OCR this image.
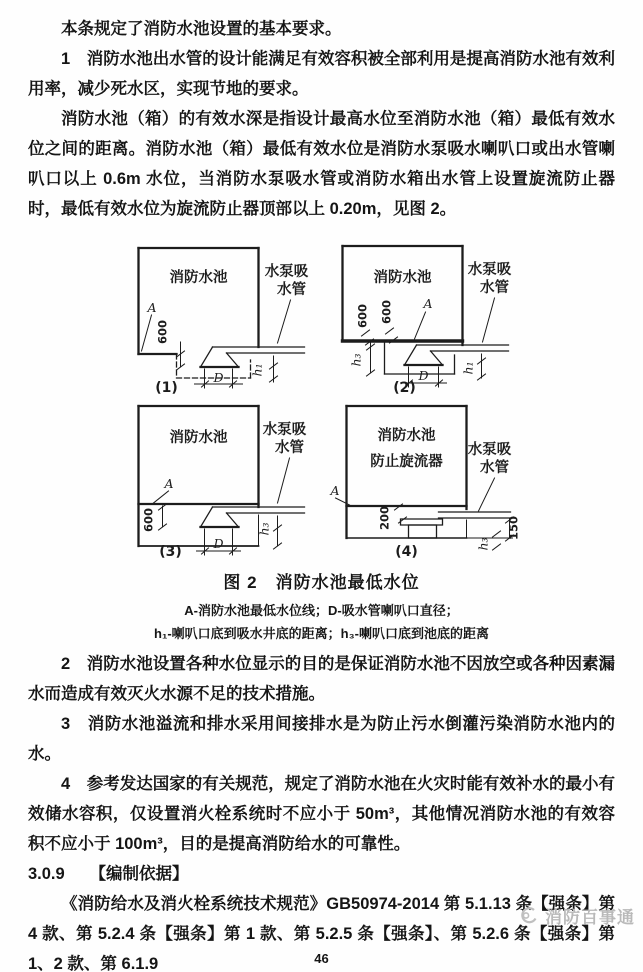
本条规定了消防水池设置的基本要求。

1　消防水池出水管的设计能满足有效容积被全部利用是提高消防水池有效利用率，减少死水区，实现节地的要求。

消防水池（箱）的有效水深是指设计最高水位至消防水池（箱）最低有效水位之间的距离。消防水池（箱）最低有效水位是消防水泵吸水喇叭口或出水管喇叭口以上 0.6m 水位，当消防水泵吸水管或消防水箱出水管上设置旋流防止器时，最低有效水位为旋流防止器顶部以上 0.20m，见图 2。

消防水池
A
600
h₁
D
水泵吸
水管
(1)
消防水池
600 600 A
h₃
h₁
D
水泵吸
水管
(2)
消防水池
A
600	h₃
D
水泵吸
水管
(3)
消防水池
防止旋流器
A
200	150
h₃
水泵吸
水管
(4)
图 2　消防水池最低水位
A-消防水池最低水位线；D-吸水管喇叭口直径；
h₁-喇叭口底到吸水井底的距离；h₃-喇叭口底到池底的距离

2　消防水池设置各种水位显示的目的是保证消防水池不因放空或各种因素漏水而造成有效灭火水源不足的技术措施。

3　消防水池溢流和排水采用间接排水是为防止污水倒灌污染消防水池内的水。

4　参考发达国家的有关规范，规定了消防水池在火灾时能有效补水的最小有效储水容积，仅设置消火栓系统时不应小于 50m³，其他情况消防水池的有效容积不应小于 100m³，目的是提高消防给水的可靠性。

3.0.9　　【编制依据】

《消防给水及消火栓系统技术规范》GB50974-2014 第 5.1.13 条【强条】第 4 款、第 5.2.4 条【强条】第 1 款、第 5.2.5 条【强条】、第 5.2.6 条【强条】第 1、2 款、第 6.1.9

消防百事通
46
